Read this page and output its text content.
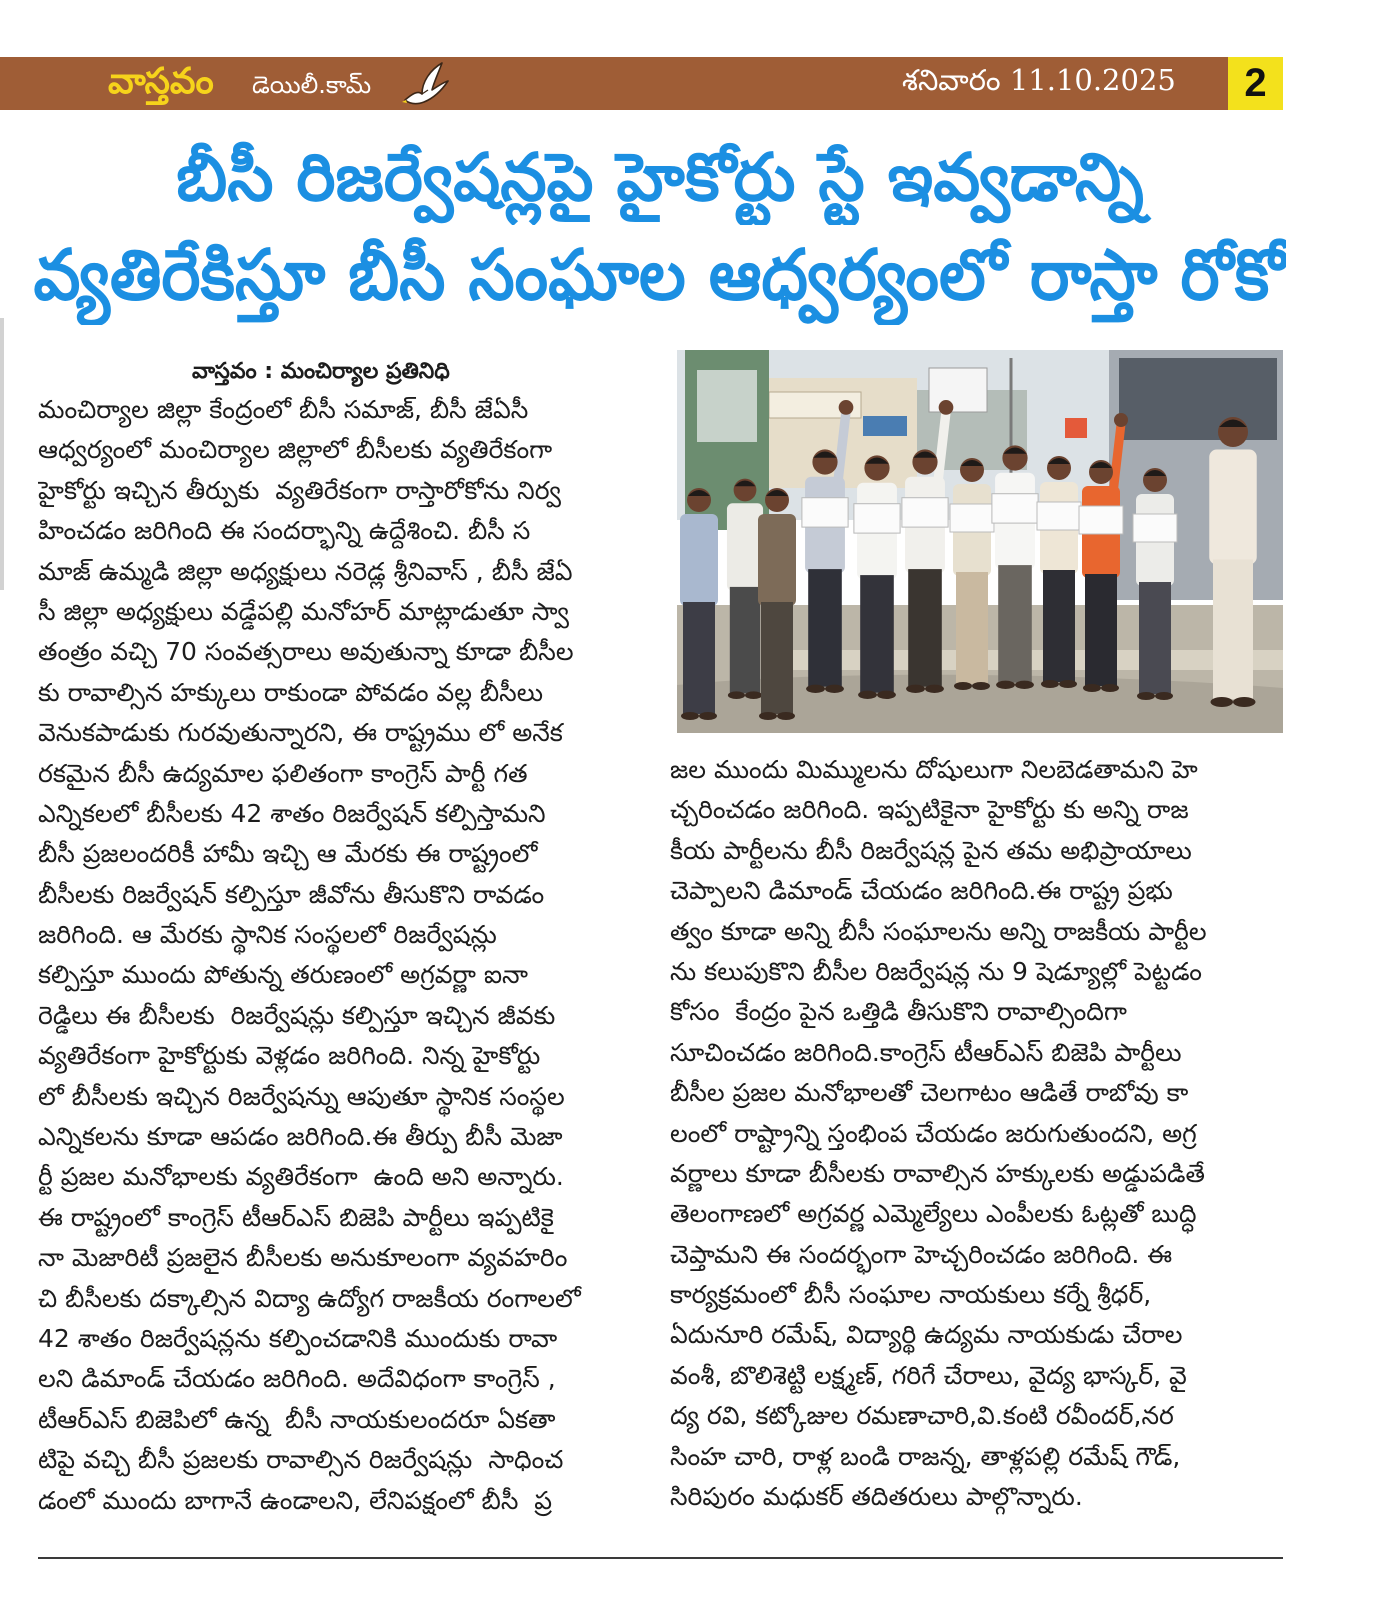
వాస్తవం	డెయిలీ.కామ్	శనివారం 11.10.2025	2
బీసీ రిజర్వేషన్లపై హైకోర్టు స్టే ఇవ్వడాన్ని
వ్యతిరేకిస్తూ బీసీ సంఘాల ఆధ్వర్యంలో రాస్తా రోకో
వాస్తవం : మంచిర్యాల ప్రతినిధి
మంచిర్యాల జిల్లా కేంద్రంలో బీసీ సమాజ్, బీసీ జేఏసీ
ఆధ్వర్యంలో మంచిర్యాల జిల్లాలో బీసీలకు వ్యతిరేకంగా
హైకోర్టు ఇచ్చిన తీర్పుకు  వ్యతిరేకంగా రాస్తారోకోను నిర్వ
హించడం జరిగింది ఈ సందర్భాన్ని ఉద్దేశించి. బీసీ స
మాజ్ ఉమ్మడి జిల్లా అధ్యక్షులు నరెడ్ల శ్రీనివాస్ , బీసీ జేఏ
సీ జిల్లా అధ్యక్షులు వడ్డేపల్లి మనోహర్ మాట్లాడుతూ స్వా
తంత్రం వచ్చి 70 సంవత్సరాలు అవుతున్నా కూడా బీసీల
కు రావాల్సిన హక్కులు రాకుండా పోవడం వల్ల బీసీలు
వెనుకపాడుకు గురవుతున్నారని, ఈ రాష్ట్రము లో అనేక
రకమైన బీసీ ఉద్యమాల ఫలితంగా కాంగ్రెస్ పార్టీ గత
ఎన్నికలలో బీసీలకు 42 శాతం రిజర్వేషన్ కల్పిస్తామని
బీసీ ప్రజలందరికీ హామీ ఇచ్చి ఆ మేరకు ఈ రాష్ట్రంలో
బీసీలకు రిజర్వేషన్ కల్పిస్తూ జీవోను తీసుకొని రావడం
జరిగింది. ఆ మేరకు స్థానిక సంస్థలలో రిజర్వేషన్లు
కల్పిస్తూ ముందు పోతున్న తరుణంలో అగ్రవర్ణా ఐనా
రెడ్డిలు ఈ బీసీలకు  రిజర్వేషన్లు కల్పిస్తూ ఇచ్చిన జీవకు
వ్యతిరేకంగా హైకోర్టుకు వెళ్లడం జరిగింది. నిన్న హైకోర్టు
లో బీసీలకు ఇచ్చిన రిజర్వేషన్ను ఆపుతూ స్థానిక సంస్థల
ఎన్నికలను కూడా ఆపడం జరిగింది.ఈ తీర్పు బీసీ మెజా
ర్టీ ప్రజల మనోభాలకు వ్యతిరేకంగా  ఉంది అని అన్నారు.
ఈ రాష్ట్రంలో కాంగ్రెస్ టీఆర్ఎస్ బిజెపి పార్టీలు ఇప్పటికై
నా మెజారిటీ ప్రజలైన బీసీలకు అనుకూలంగా వ్యవహరిం
చి బీసీలకు దక్కాల్సిన విద్యా ఉద్యోగ రాజకీయ రంగాలలో
42 శాతం రిజర్వేషన్లను కల్పించడానికి ముందుకు రావా
లని డిమాండ్ చేయడం జరిగింది. అదేవిధంగా కాంగ్రెస్ ,
టీఆర్ఎస్ బిజెపిలో ఉన్న  బీసీ నాయకులందరూ ఏకతా
టిపై వచ్చి బీసీ ప్రజలకు రావాల్సిన రిజర్వేషన్లు  సాధించ
డంలో ముందు బాగానే ఉండాలని, లేనిపక్షంలో బీసీ  ప్ర
జల ముందు మిమ్ములను దోషులుగా నిలబెడతామని హె
చ్చరించడం జరిగింది. ఇప్పటికైనా హైకోర్టు కు అన్ని రాజ
కీయ పార్టీలను బీసీ రిజర్వేషన్ల పైన తమ అభిప్రాయాలు
చెప్పాలని డిమాండ్ చేయడం జరిగింది.ఈ రాష్ట్ర ప్రభు
త్వం కూడా అన్ని బీసీ సంఘాలను అన్ని రాజకీయ పార్టీల
ను కలుపుకొని బీసీల రిజర్వేషన్ల ను 9 షెడ్యూల్లో పెట్టడం
కోసం  కేంద్రం పైన ఒత్తిడి తీసుకొని రావాల్సిందిగా
సూచించడం జరిగింది.కాంగ్రెస్ టీఆర్ఎస్ బిజెపి పార్టీలు
బీసీల ప్రజల మనోభాలతో చెలగాటం ఆడితే రాబోవు కా
లంలో రాష్ట్రాన్ని స్తంభింప చేయడం జరుగుతుందని, అగ్ర
వర్ణాలు కూడా బీసీలకు రావాల్సిన హక్కులకు అడ్డుపడితే
తెలంగాణలో అగ్రవర్ణ ఎమ్మెల్యేలు ఎంపీలకు ఓట్లతో బుద్ధి
చెప్తామని ఈ సందర్భంగా హెచ్చరించడం జరిగింది. ఈ
కార్యక్రమంలో బీసీ సంఘాల నాయకులు కర్నే శ్రీధర్,
ఏదునూరి రమేష్, విద్యార్థి ఉద్యమ నాయకుడు చేరాల
వంశీ, బొలిశెట్టి లక్ష్మణ్, గరిగే చేరాలు, వైద్య భాస్కర్, వై
ద్య రవి, కట్కోజుల రమణాచారి,వి.కంటి రవీందర్,నర
సింహ చారి, రాళ్ల బండి రాజన్న, తాళ్లపల్లి రమేష్ గౌడ్,
సిరిపురం మధుకర్ తదితరులు పాల్గొన్నారు.
